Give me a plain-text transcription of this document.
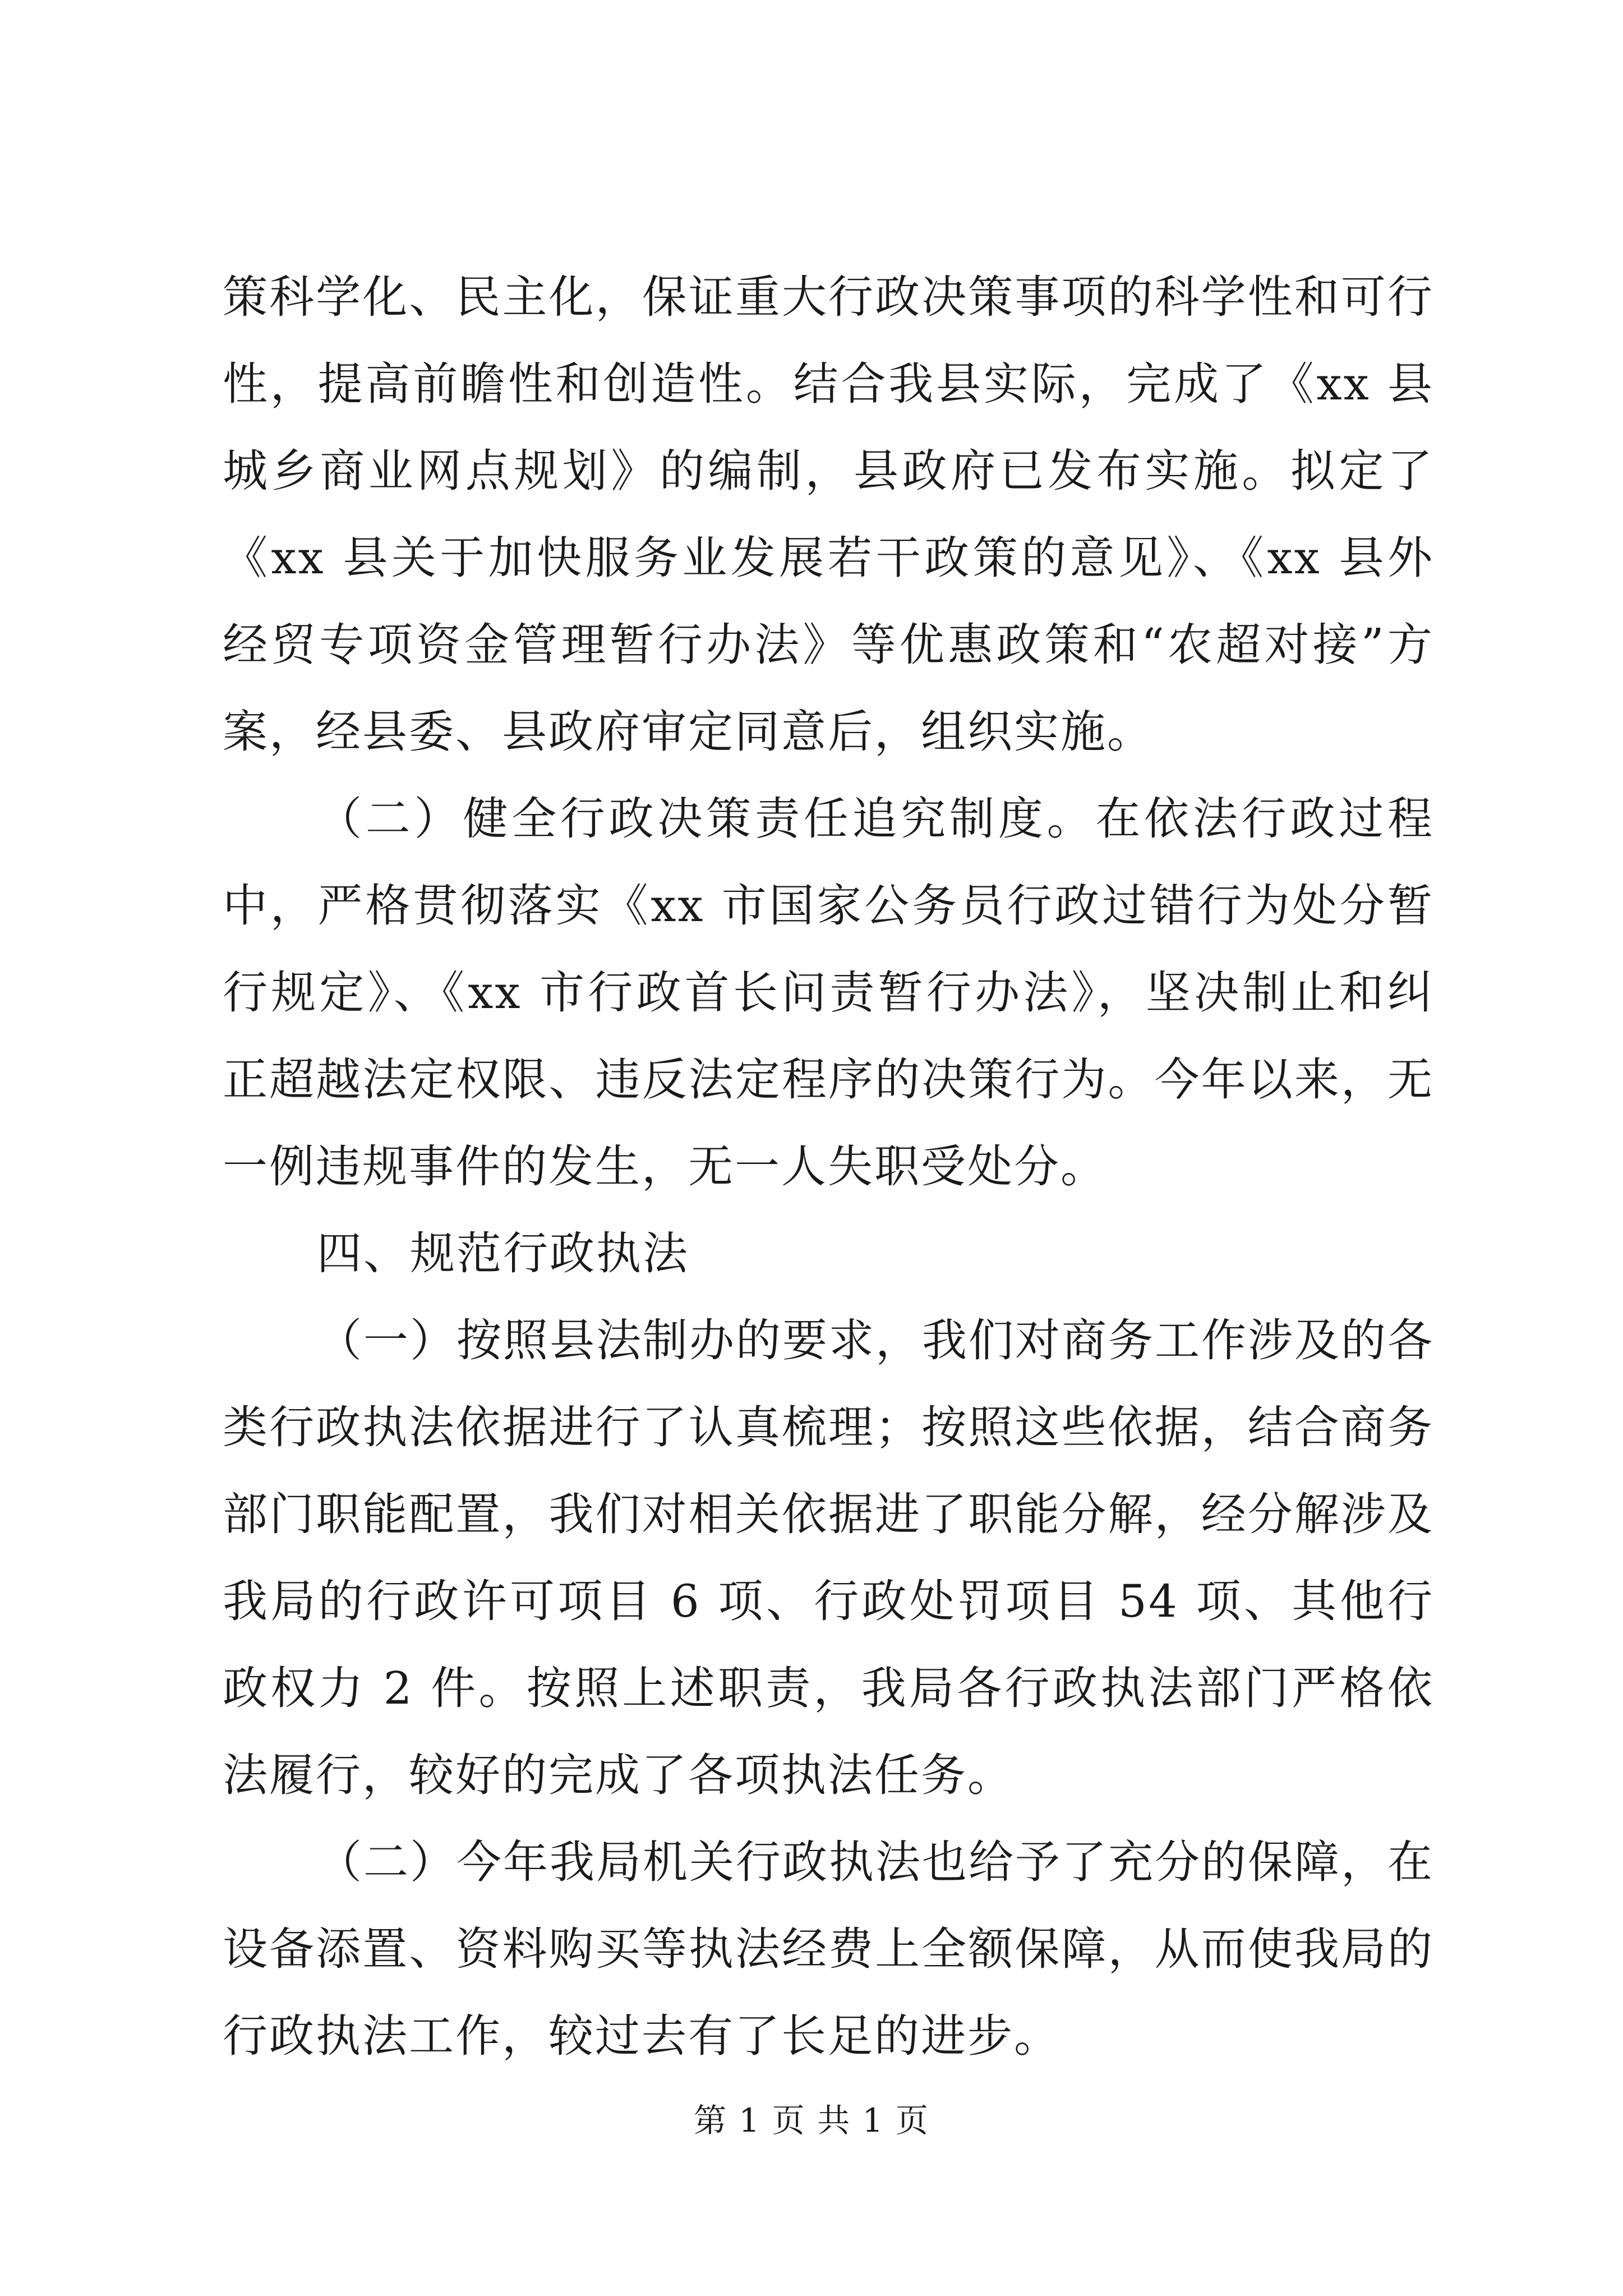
策科学化、民主化，保证重大行政决策事项的科学性和可行性，提高前瞻性和创造性。结合我县实际，完成了《xx 县城乡商业网点规划》的编制，县政府已发布实施。拟定了《xx 县关于加快服务业发展若干政策的意见》、《xx 县外经贸专项资金管理暂行办法》等优惠政策和“农超对接”方案，经县委、县政府审定同意后，组织实施。

（二）健全行政决策责任追究制度。在依法行政过程中，严格贯彻落实《xx 市国家公务员行政过错行为处分暂行规定》、《xx 市行政首长问责暂行办法》，坚决制止和纠正超越法定权限、违反法定程序的决策行为。今年以来，无一例违规事件的发生，无一人失职受处分。

四、规范行政执法

（一）按照县法制办的要求，我们对商务工作涉及的各类行政执法依据进行了认真梳理；按照这些依据，结合商务部门职能配置，我们对相关依据进了职能分解，经分解涉及我局的行政许可项目 6 项、行政处罚项目 54 项、其他行政权力 2 件。按照上述职责，我局各行政执法部门严格依法履行，较好的完成了各项执法任务。

（二）今年我局机关行政执法也给予了充分的保障，在设备添置、资料购买等执法经费上全额保障，从而使我局的行政执法工作，较过去有了长足的进步。

第 1 页 共 1 页
